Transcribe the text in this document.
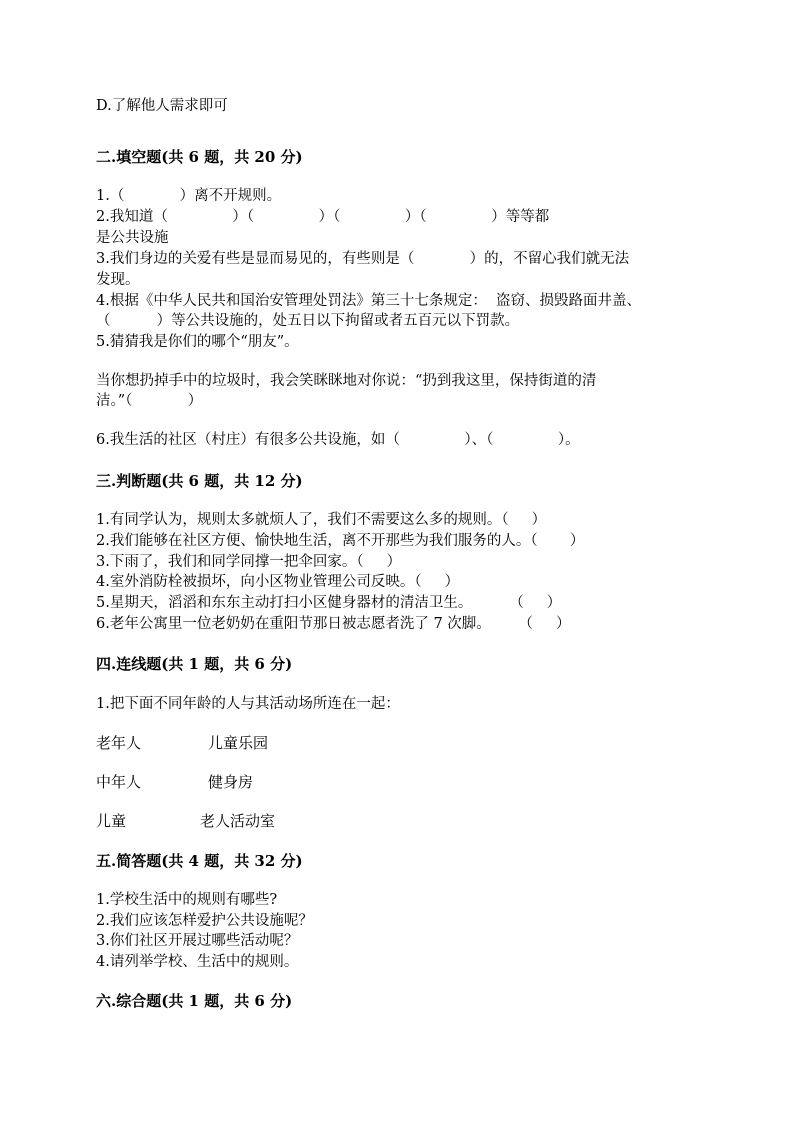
D.了解他人需求即可
二.填空题(共 6 题，共 20 分)
1.（            ）离不开规则。
2.我知道（              ）（              ）（              ）（              ）等等都
是公共设施
3.我们身边的关爱有些是显而易见的，有些则是（            ）的，不留心我们就无法
发现。
4.根据《中华人民共和国治安管理处罚法》第三十七条规定：  盗窃、损毁路面井盖、
（          ）等公共设施的，处五日以下拘留或者五百元以下罚款。
5.猜猜我是你们的哪个“朋友”。
当你想扔掉手中的垃圾时，我会笑眯眯地对你说：“扔到我这里，保持街道的清
洁。”（            ）
6.我生活的社区（村庄）有很多公共设施，如（              ）、（              ）。
三.判断题(共 6 题，共 12 分)
1.有同学认为，规则太多就烦人了，我们不需要这么多的规则。（     ）
2.我们能够在社区方便、愉快地生活，离不开那些为我们服务的人。（       ）
3.下雨了，我们和同学同撑一把伞回家。（     ）
4.室外消防栓被损坏，向小区物业管理公司反映。（     ）
5.星期天，滔滔和东东主动打扫小区健身器材的清洁卫生。        （     ）
6.老年公寓里一位老奶奶在重阳节那日被志愿者洗了 7 次脚。      （     ）
四.连线题(共 1 题，共 6 分)
1.把下面不同年龄的人与其活动场所连在一起：
老年人	儿童乐园
中年人	健身房
儿童	老人活动室
五.简答题(共 4 题，共 32 分)
1.学校生活中的规则有哪些?
2.我们应该怎样爱护公共设施呢？
3.你们社区开展过哪些活动呢？
4.请列举学校、生活中的规则。
六.综合题(共 1 题，共 6 分)
